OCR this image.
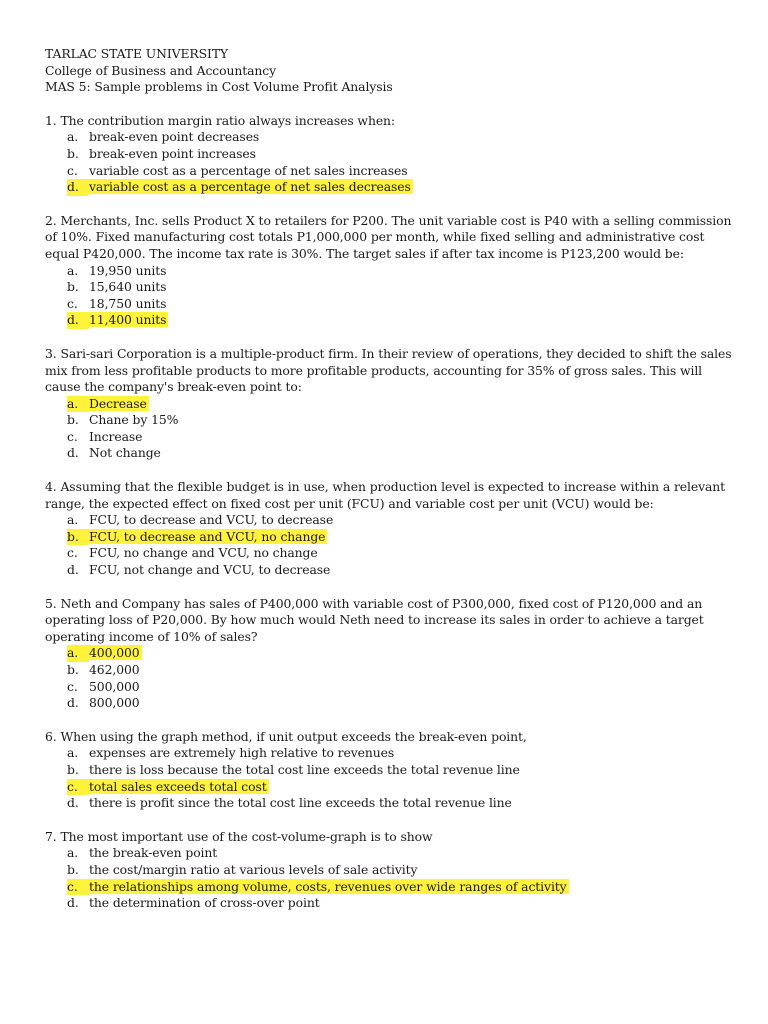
TARLAC STATE UNIVERSITY
College of Business and Accountancy
MAS 5: Sample problems in Cost Volume Profit Analysis

1. The contribution margin ratio always increases when:

a. break-even point decreases
b. break-even point increases
c. variable cost as a percentage of net sales increases
d. variable cost as a percentage of net sales decreases

2. Merchants, Inc. sells Product X to retailers for P200. The unit variable cost is P40 with a selling commission of 10%. Fixed manufacturing cost totals P1,000,000 per month, while fixed selling and administrative cost equal P420,000. The income tax rate is 30%. The target sales if after tax income is P123,200 would be:

a. 19,950 units
b. 15,640 units
c. 18,750 units
d. 11,400 units

3. Sari-sari Corporation is a multiple-product firm. In their review of operations, they decided to shift the sales mix from less profitable products to more profitable products, accounting for 35% of gross sales. This will cause the company's break-even point to:

a. Decrease
b. Chane by 15%
c. Increase
d. Not change

4. Assuming that the flexible budget is in use, when production level is expected to increase within a relevant range, the expected effect on fixed cost per unit (FCU) and variable cost per unit (VCU) would be:

a. FCU, to decrease and VCU, to decrease
b. FCU, to decrease and VCU, no change
c. FCU, no change and VCU, no change
d. FCU, not change and VCU, to decrease

5. Neth and Company has sales of P400,000 with variable cost of P300,000, fixed cost of P120,000 and an operating loss of P20,000. By how much would Neth need to increase its sales in order to achieve a target operating income of 10% of sales?

a. 400,000
b. 462,000
c. 500,000
d. 800,000

6. When using the graph method, if unit output exceeds the break-even point,

a. expenses are extremely high relative to revenues
b. there is loss because the total cost line exceeds the total revenue line
c. total sales exceeds total cost
d. there is profit since the total cost line exceeds the total revenue line

7. The most important use of the cost-volume-graph is to show

a. the break-even point
b. the cost/margin ratio at various levels of sale activity
c. the relationships among volume, costs, revenues over wide ranges of activity
d. the determination of cross-over point
